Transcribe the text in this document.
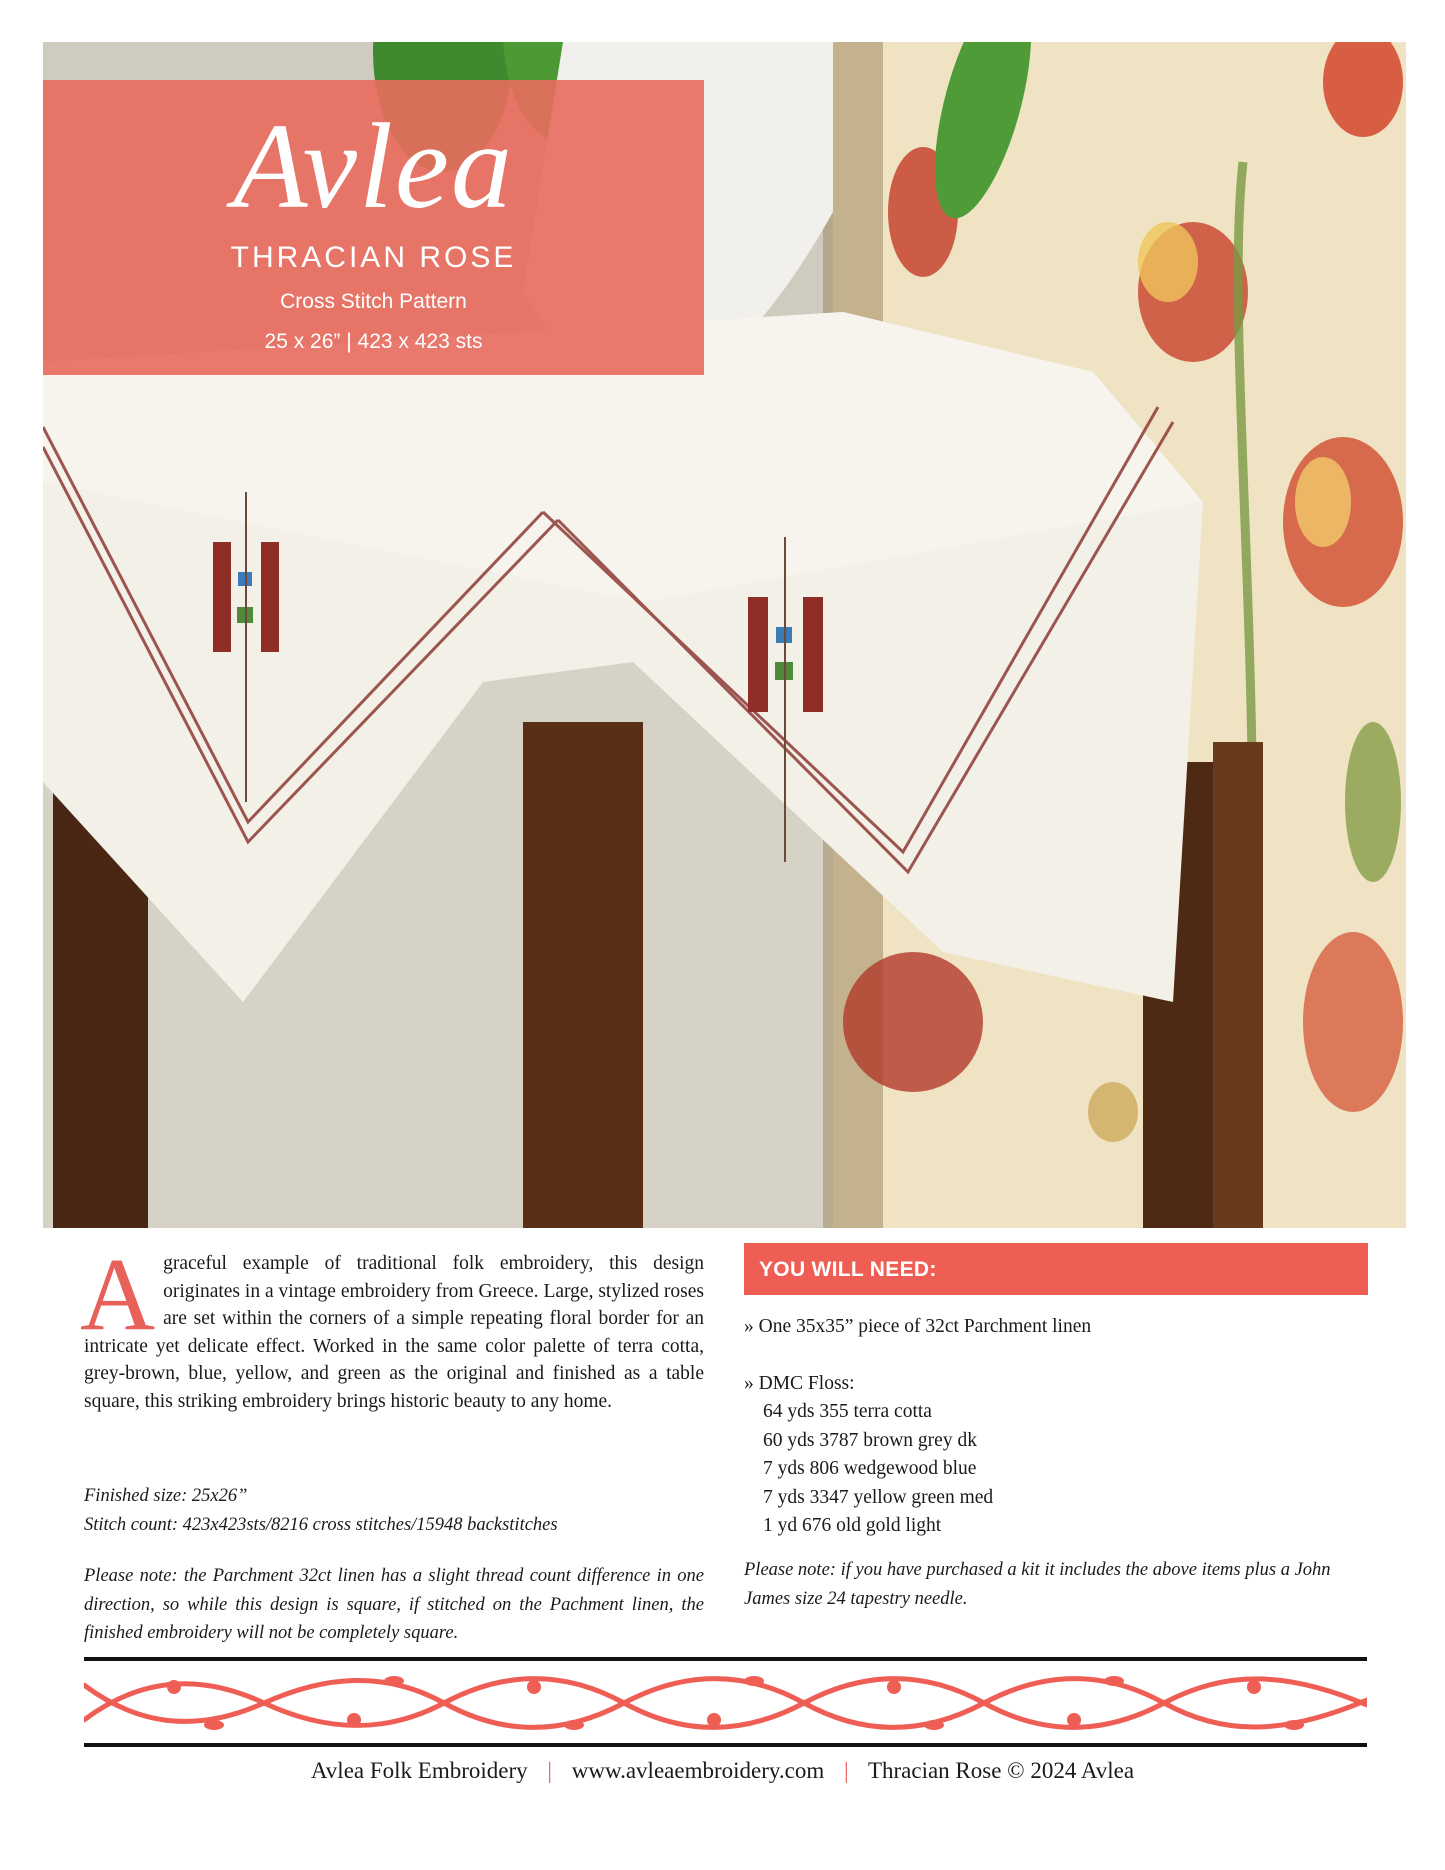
Avlea
THRACIAN ROSE
Cross Stitch Pattern
25 x 26” | 423 x 423 sts
A graceful example of traditional folk embroidery, this design originates in a vintage embroidery from Greece. Large, stylized roses are set within the corners of a simple repeating floral border for an intricate yet delicate effect. Worked in the same color palette of terra cotta, grey-brown, blue, yellow, and green as the original and finished as a table square, this striking embroidery brings historic beauty to any home.
Finished size: 25x26”
Stitch count: 423x423sts/8216 cross stitches/15948 backstitches
Please note: the Parchment 32ct linen has a slight thread count difference in one direction, so while this design is square, if stitched on the Pachment linen, the finished embroidery will not be completely square.
YOU WILL NEED:
» One 35x35” piece of 32ct Parchment linen
» DMC Floss:
64 yds 355 terra cotta
60 yds 3787 brown grey dk
7 yds 806 wedgewood blue
7 yds 3347 yellow green med
1 yd 676 old gold light
Please note: if you have purchased a kit it includes the above items plus a John James size 24 tapestry needle.
Avlea Folk Embroidery | www.avleaembroidery.com | Thracian Rose © 2024 Avlea
